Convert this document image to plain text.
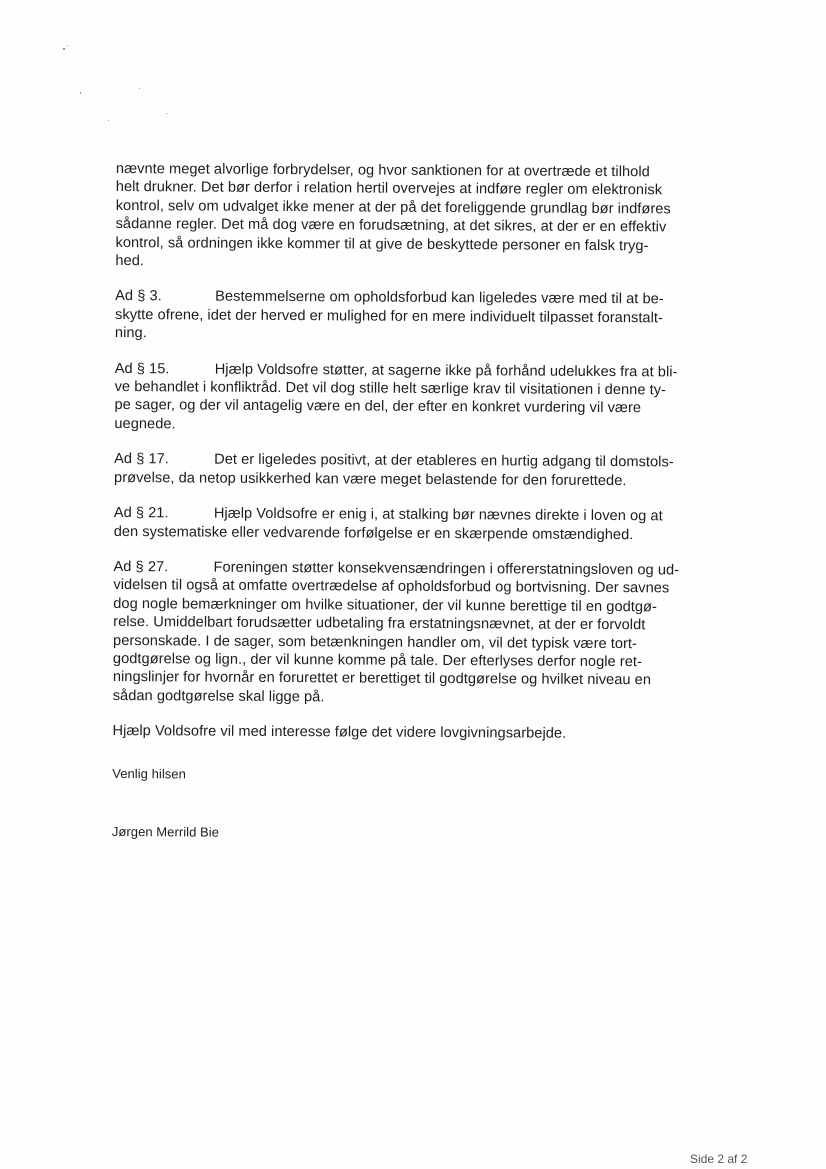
nævnte meget alvorlige forbrydelser, og hvor sanktionen for at overtræde et tilhold
helt drukner. Det bør derfor i relation hertil overvejes at indføre regler om elektronisk
kontrol, selv om udvalget ikke mener at der på det foreliggende grundlag bør indføres
sådanne regler. Det må dog være en forudsætning, at det sikres, at der er en effektiv
kontrol, så ordningen ikke kommer til at give de beskyttede personer en falsk tryg-
hed.
Ad § 3.	Bestemmelserne om opholdsforbud kan ligeledes være med til at be-
skytte ofrene, idet der herved er mulighed for en mere individuelt tilpasset foranstalt-
ning.
Ad § 15.	Hjælp Voldsofre støtter, at sagerne ikke på forhånd udelukkes fra at bli-
ve behandlet i konfliktråd. Det vil dog stille helt særlige krav til visitationen i denne ty-
pe sager, og der vil antagelig være en del, der efter en konkret vurdering vil være
uegnede.
Ad § 17.	Det er ligeledes positivt, at der etableres en hurtig adgang til domstols-
prøvelse, da netop usikkerhed kan være meget belastende for den forurettede.
Ad § 21.	Hjælp Voldsofre er enig i, at stalking bør nævnes direkte i loven og at
den systematiske eller vedvarende forfølgelse er en skærpende omstændighed.
Ad § 27.	Foreningen støtter konsekvensændringen i offererstatningsloven og ud-
videlsen til også at omfatte overtrædelse af opholdsforbud og bortvisning. Der savnes
dog nogle bemærkninger om hvilke situationer, der vil kunne berettige til en godtgø-
relse. Umiddelbart forudsætter udbetaling fra erstatningsnævnet, at der er forvoldt
personskade. I de sager, som betænkningen handler om, vil det typisk være tort-
godtgørelse og lign., der vil kunne komme på tale. Der efterlyses derfor nogle ret-
ningslinjer for hvornår en forurettet er berettiget til godtgørelse og hvilket niveau en
sådan godtgørelse skal ligge på.
Hjælp Voldsofre vil med interesse følge det videre lovgivningsarbejde.
Venlig hilsen
Jørgen Merrild Bie
Side 2 af 2
